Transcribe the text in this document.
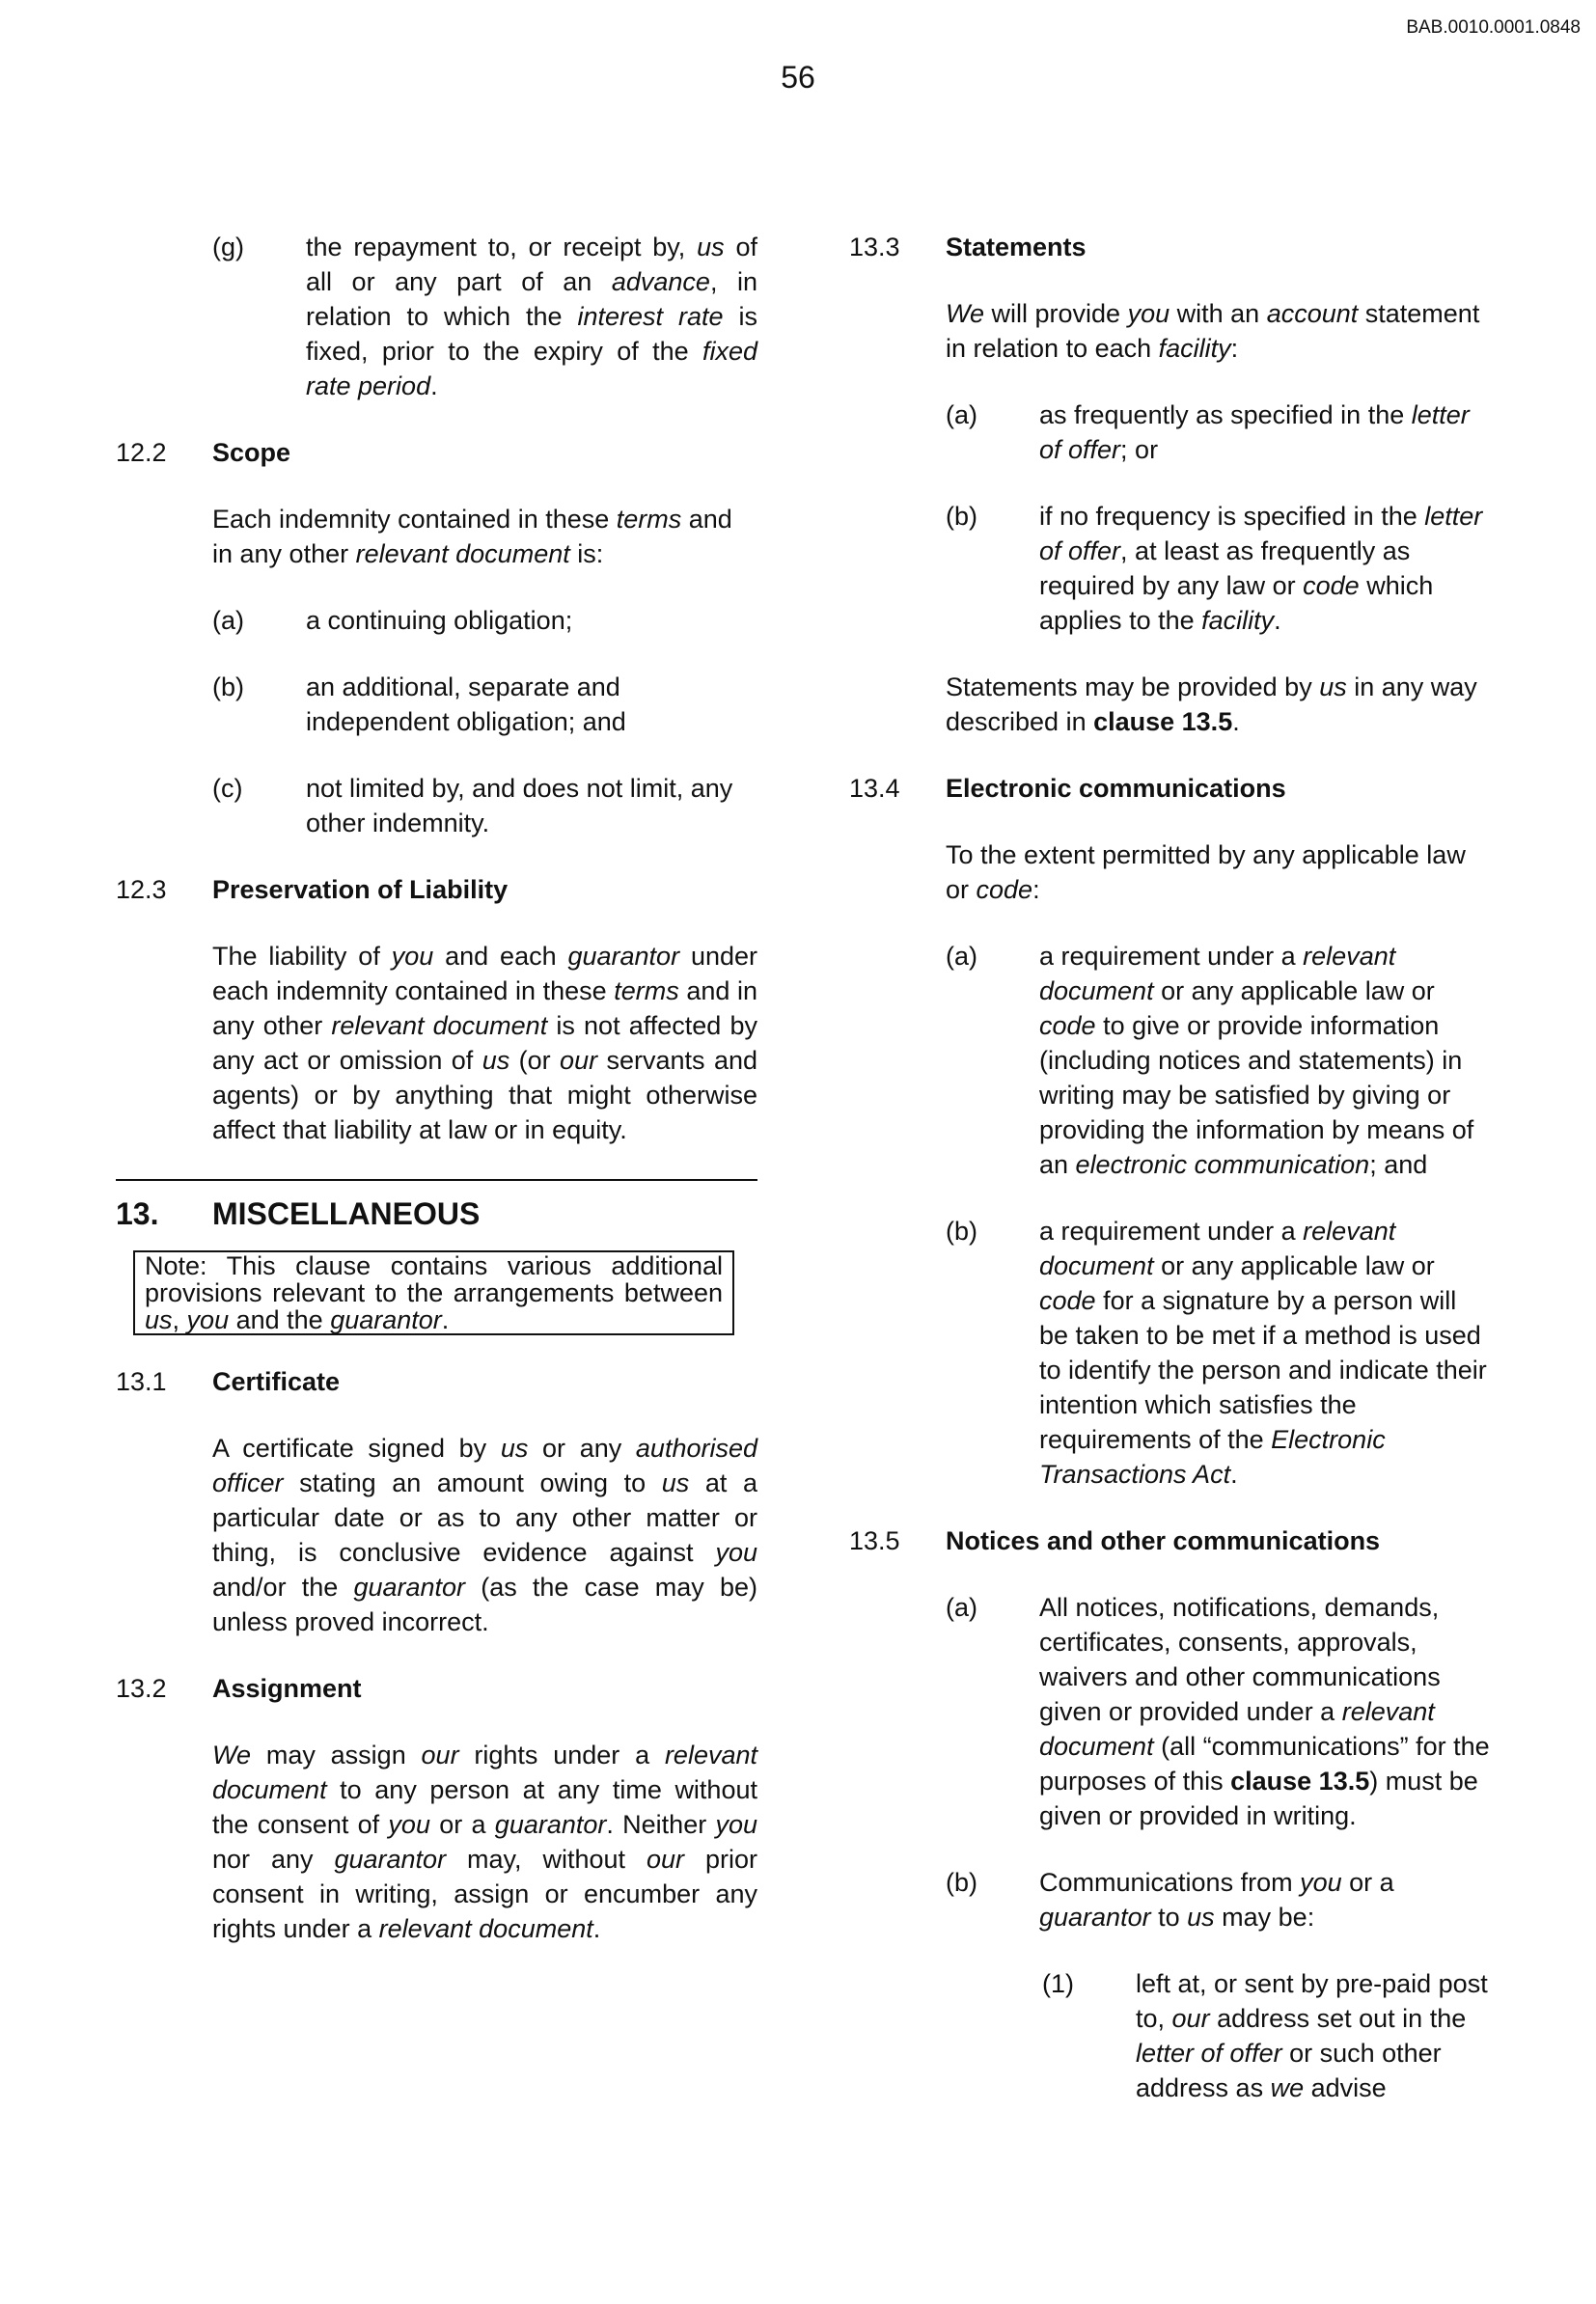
BAB.0010.0001.0848
56
(g)	the repayment to, or receipt by, us of all or any part of an advance, in relation to which the interest rate is fixed, prior to the expiry of the fixed rate period.
12.2	Scope
Each indemnity contained in these terms and in any other relevant document is:
(a)	a continuing obligation;
(b)	an additional, separate and independent obligation; and
(c)	not limited by, and does not limit, any other indemnity.
12.3	Preservation of Liability
The liability of you and each guarantor under each indemnity contained in these terms and in any other relevant document is not affected by any act or omission of us (or our servants and agents) or by anything that might otherwise affect that liability at law or in equity.
13.	MISCELLANEOUS
Note: This clause contains various additional provisions relevant to the arrangements between us, you and the guarantor.
13.1	Certificate
A certificate signed by us or any authorised officer stating an amount owing to us at a particular date or as to any other matter or thing, is conclusive evidence against you and/or the guarantor (as the case may be) unless proved incorrect.
13.2	Assignment
We may assign our rights under a relevant document to any person at any time without the consent of you or a guarantor. Neither you nor any guarantor may, without our prior consent in writing, assign or encumber any rights under a relevant document.
13.3	Statements
We will provide you with an account statement in relation to each facility:
(a)	as frequently as specified in the letter of offer; or
(b)	if no frequency is specified in the letter of offer, at least as frequently as required by any law or code which applies to the facility.
Statements may be provided by us in any way described in clause 13.5.
13.4	Electronic communications
To the extent permitted by any applicable law or code:
(a)	a requirement under a relevant document or any applicable law or code to give or provide information (including notices and statements) in writing may be satisfied by giving or providing the information by means of an electronic communication; and
(b)	a requirement under a relevant document or any applicable law or code for a signature by a person will be taken to be met if a method is used to identify the person and indicate their intention which satisfies the requirements of the Electronic Transactions Act.
13.5	Notices and other communications
(a)	All notices, notifications, demands, certificates, consents, approvals, waivers and other communications given or provided under a relevant document (all “communications” for the purposes of this clause 13.5) must be given or provided in writing.
(b)	Communications from you or a guarantor to us may be:
(1)	left at, or sent by pre-paid post to, our address set out in the letter of offer or such other address as we advise
